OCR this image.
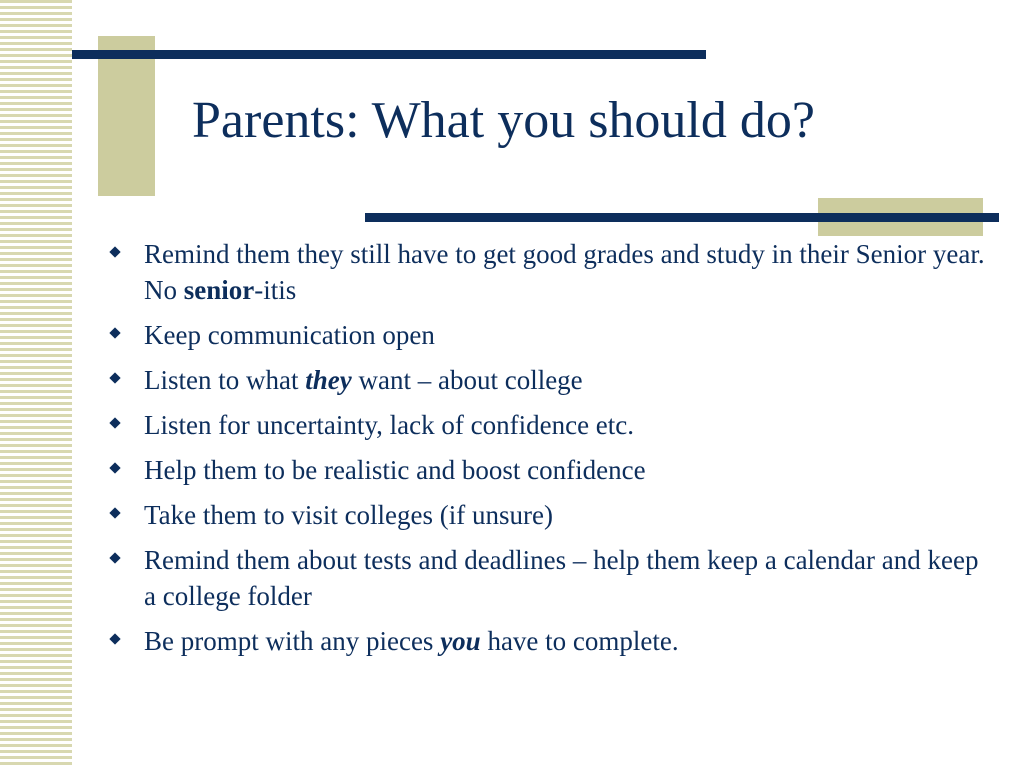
Parents: What you should do?
Remind them they still have to get good grades and study in their Senior year. No senior-itis
Keep communication open
Listen to what they want – about college
Listen for uncertainty, lack of confidence etc.
Help them to be realistic and boost confidence
Take them to visit colleges (if unsure)
Remind them about tests and deadlines – help them keep a calendar and keep a college folder
Be prompt with any pieces you have to complete.
